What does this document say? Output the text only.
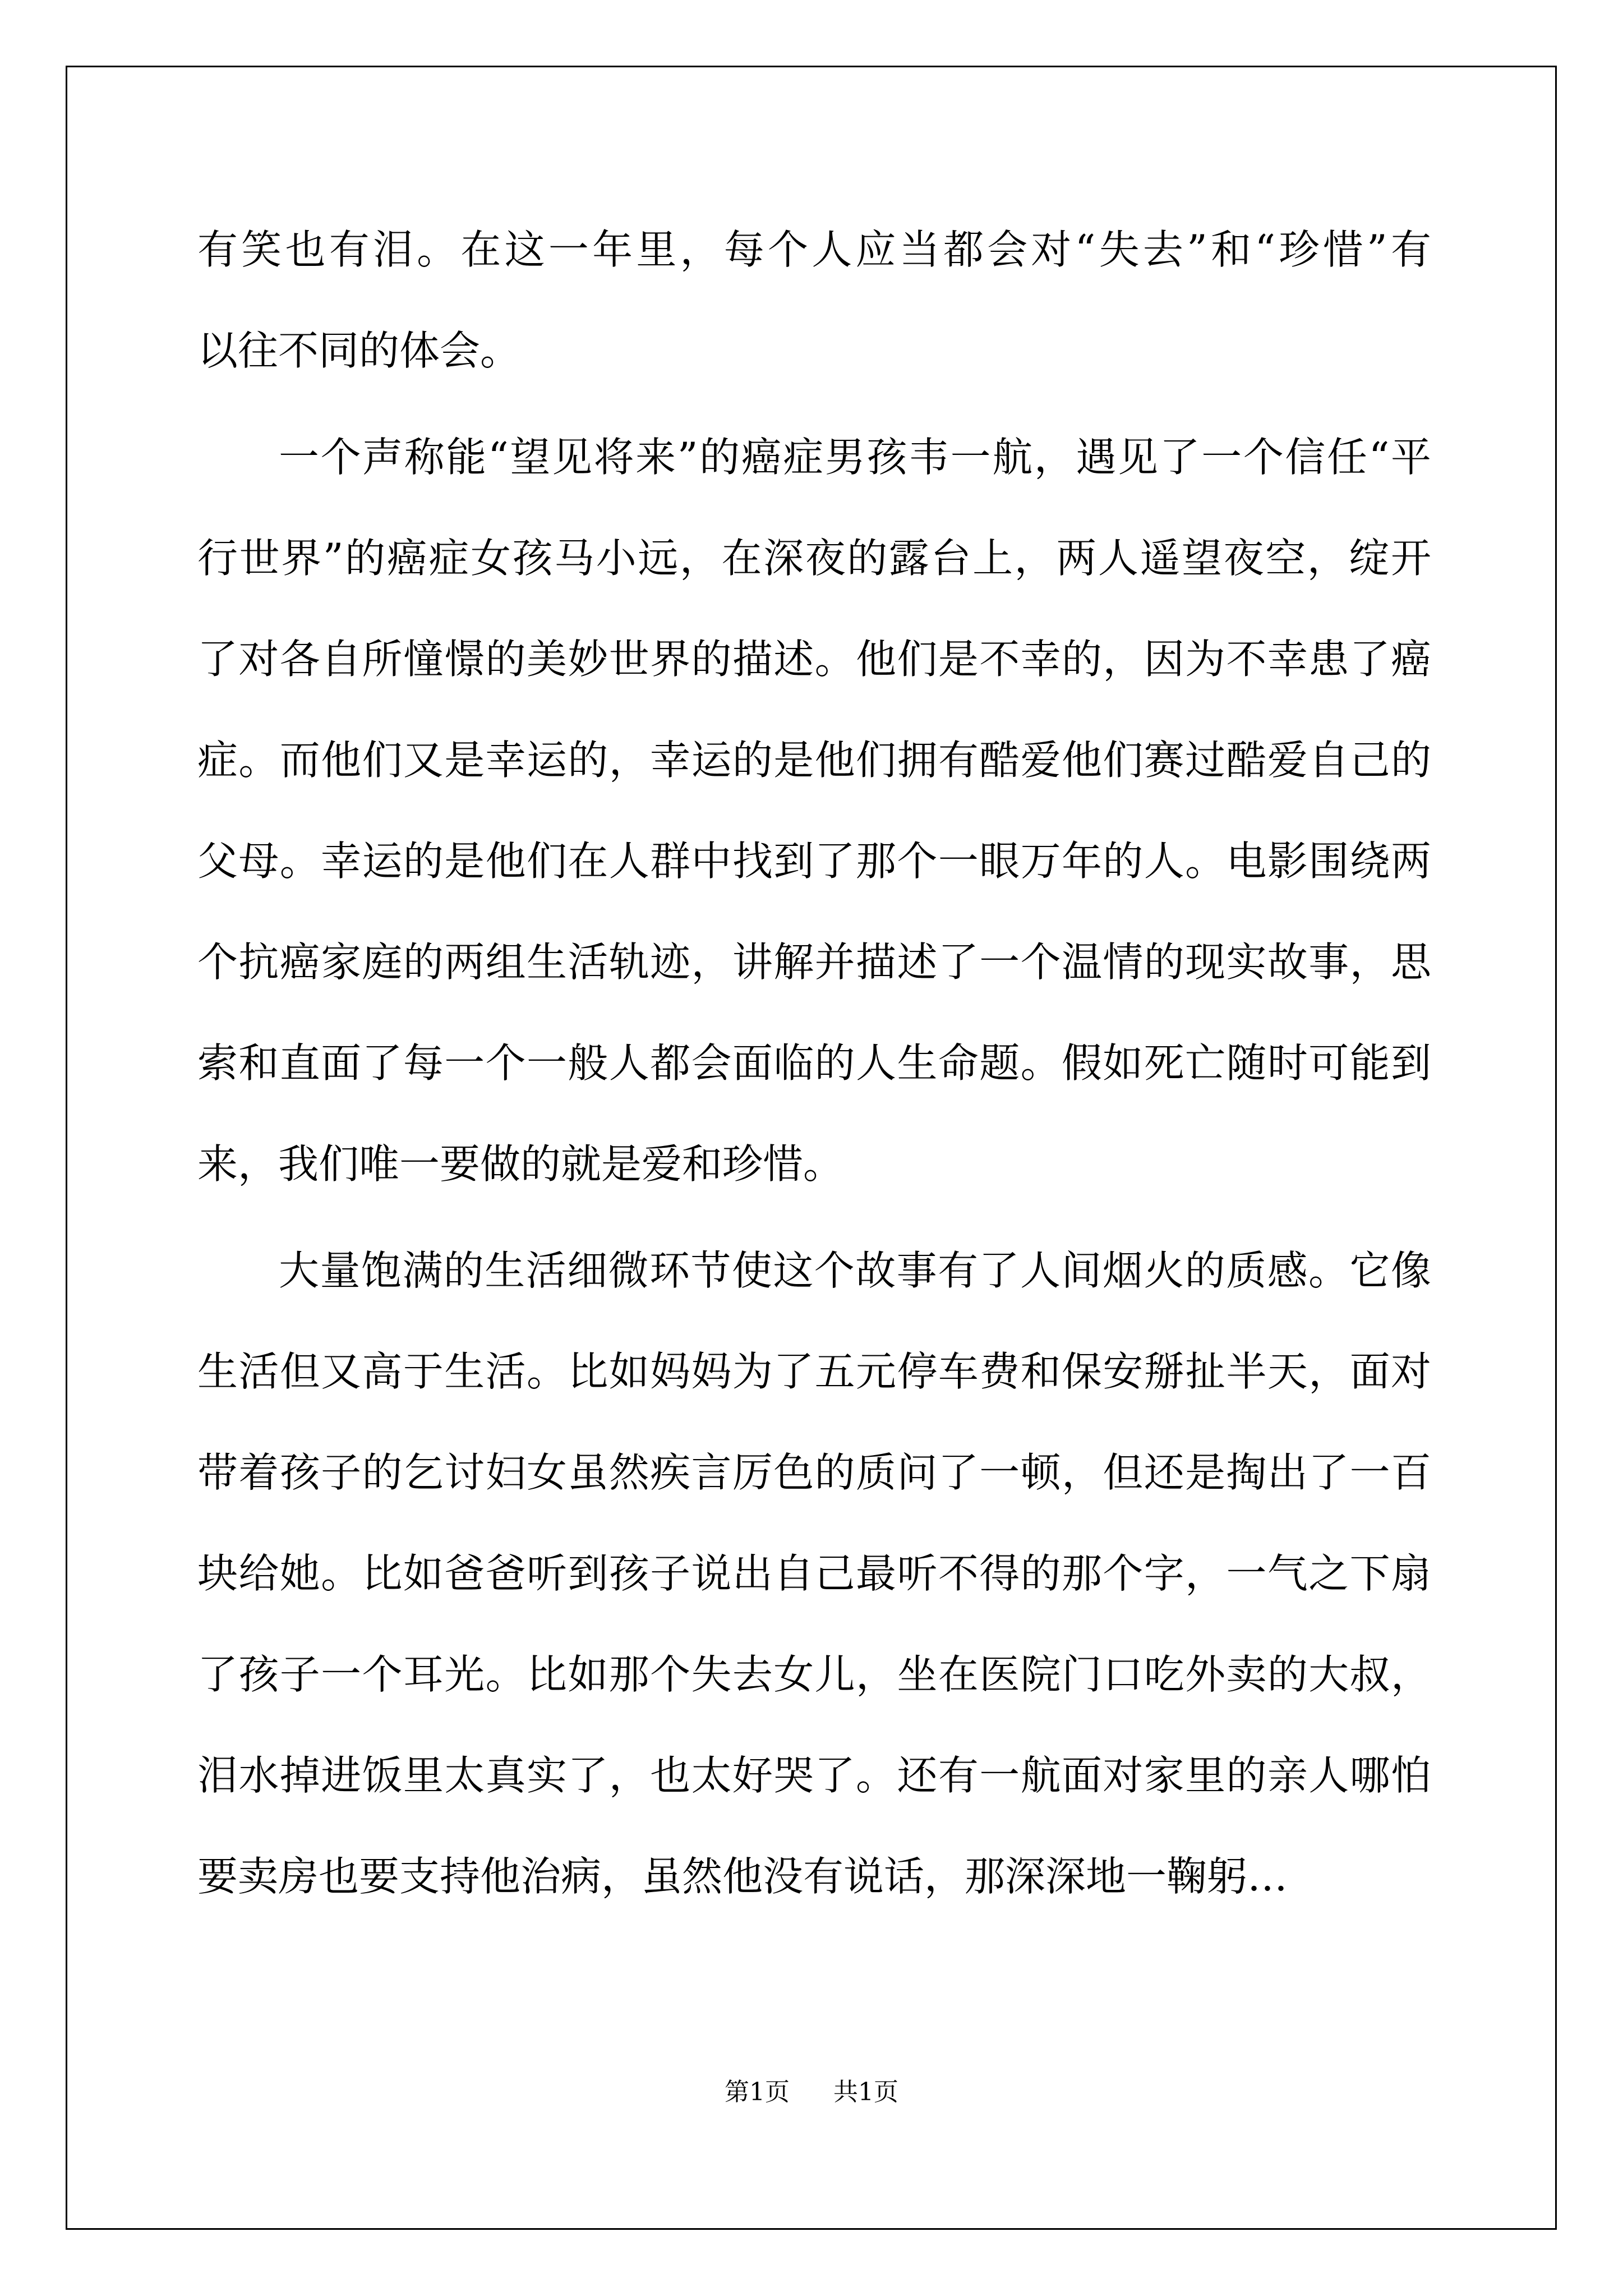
有笑也有泪。在这一年里，每个人应当都会对“失去”和“珍惜”有
以往不同的体会。
一个声称能“望见将来”的癌症男孩韦一航，遇见了一个信任“平
行世界”的癌症女孩马小远，在深夜的露台上，两人遥望夜空，绽开
了对各自所憧憬的美妙世界的描述。他们是不幸的，因为不幸患了癌
症。而他们又是幸运的，幸运的是他们拥有酷爱他们赛过酷爱自己的
父母。幸运的是他们在人群中找到了那个一眼万年的人。电影围绕两
个抗癌家庭的两组生活轨迹，讲解并描述了一个温情的现实故事，思
索和直面了每一个一般人都会面临的人生命题。假如死亡随时可能到
来，我们唯一要做的就是爱和珍惜。
大量饱满的生活细微环节使这个故事有了人间烟火的质感。它像
生活但又高于生活。比如妈妈为了五元停车费和保安掰扯半天，面对
带着孩子的乞讨妇女虽然疾言厉色的质问了一顿，但还是掏出了一百
块给她。比如爸爸听到孩子说出自己最听不得的那个字，一气之下扇
了孩子一个耳光。比如那个失去女儿，坐在医院门口吃外卖的大叔，
泪水掉进饭里太真实了，也太好哭了。还有一航面对家里的亲人哪怕
要卖房也要支持他治病，虽然他没有说话，那深深地一鞠躬…
第1页 共1页
